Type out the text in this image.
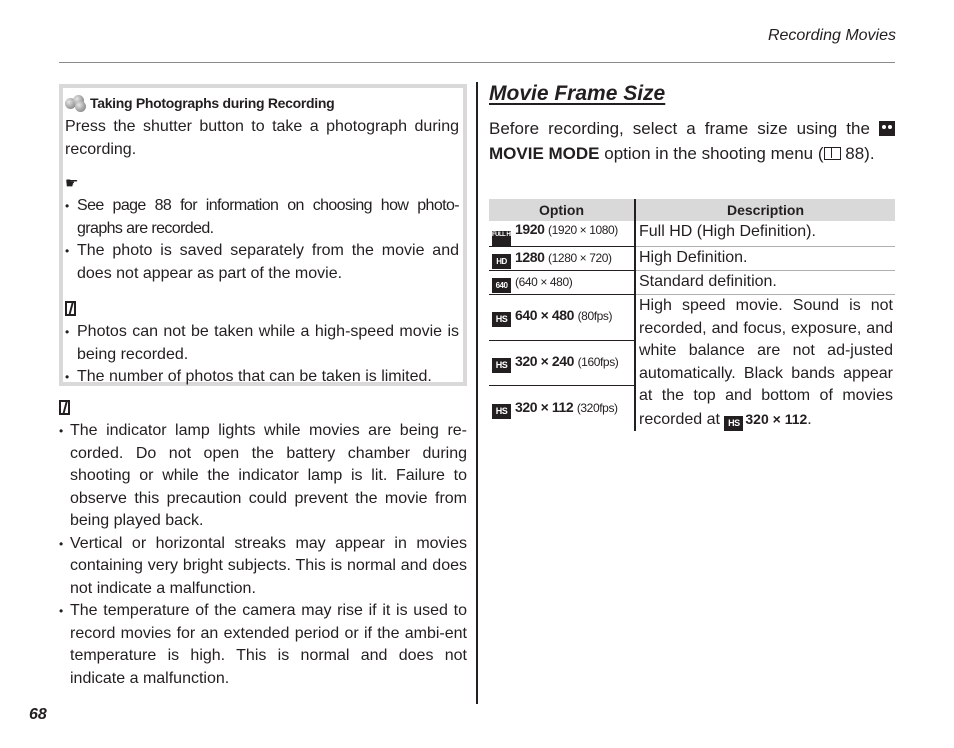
Recording Movies
Taking Photographs during Recording

Press the shutter button to take a photograph during recording.

☛
• See page 88 for information on choosing how photo-graphs are recorded.
• The photo is saved separately from the movie and does not appear as part of the movie.
• Photos can not be taken while a high-speed movie is being recorded.
• The number of photos that can be taken is limited.
• The indicator lamp lights while movies are being re-corded. Do not open the battery chamber during shooting or while the indicator lamp is lit. Failure to observe this precaution could prevent the movie from being played back.
• Vertical or horizontal streaks may appear in movies containing very bright subjects. This is normal and does not indicate a malfunction.
• The temperature of the camera may rise if it is used to record movies for an extended period or if the ambi-ent temperature is high. This is normal and does not indicate a malfunction.
Movie Frame Size
Before recording, select a frame size using the  MOVIE MODE option in the shooting menu ( 88).
Option	Description
FULL HD1920 (1920 × 1080)	Full HD (High Definition).
HD 1280 (1280 × 720)	High Definition.
640 (640 × 480)	Standard definition.
HS 640 × 480 (80fps)	High speed movie. Sound is not recorded, and focus, exposure, and white balance are not ad-justed automatically. Black bands appear at the top and bottom of movies recorded at HS 320 × 112.
HS 320 × 240 (160fps)	
HS 320 × 112 (320fps)	
68
